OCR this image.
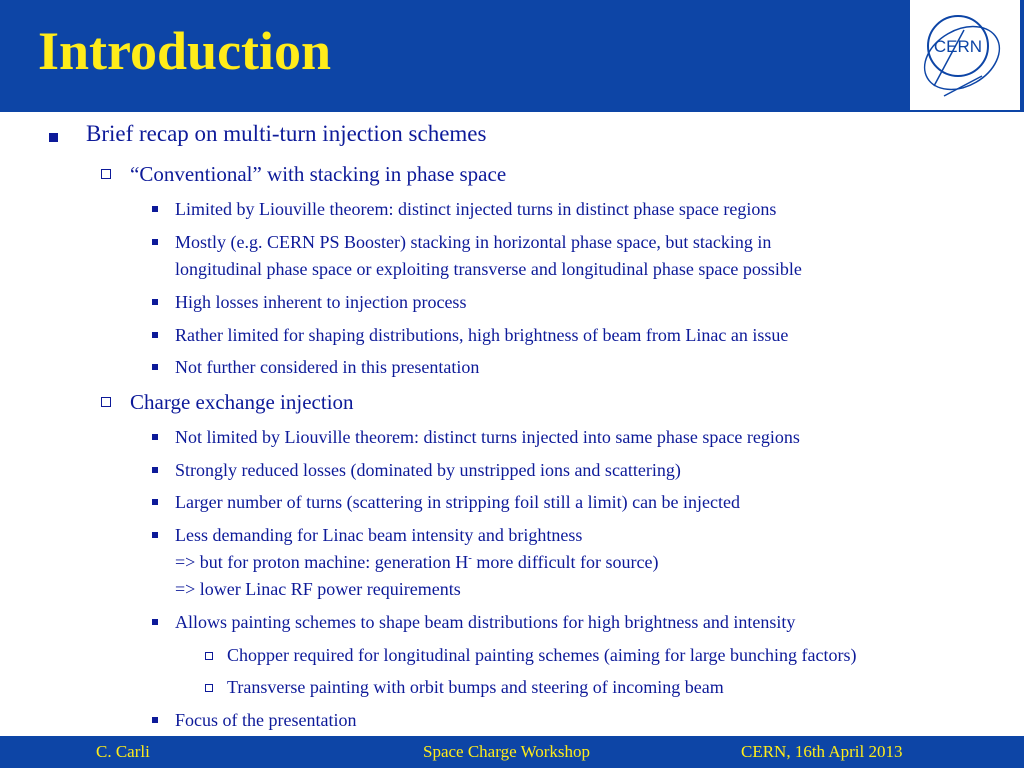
Introduction	CERN
Brief recap on multi-turn injection schemes
“Conventional” with stacking in phase space
Limited by Liouville theorem: distinct injected turns in distinct phase space regions
Mostly (e.g. CERN PS Booster) stacking in horizontal phase space, but stacking in
longitudinal phase space or exploiting transverse and longitudinal phase space possible
High losses inherent to injection process
Rather limited for shaping distributions, high brightness of beam from Linac an issue
Not further considered in this presentation
Charge exchange injection
Not limited by Liouville theorem: distinct turns injected into same phase space regions
Strongly reduced losses (dominated by unstripped ions and scattering)
Larger number of turns (scattering in stripping foil still a limit) can be injected
Less demanding for Linac beam intensity and brightness
=> but for proton machine: generation H- more difficult for source)
=> lower Linac RF power requirements
Allows painting schemes to shape beam distributions for high brightness and intensity
Chopper required for longitudinal painting schemes (aiming for large bunching factors)
Transverse painting with orbit bumps and steering of incoming beam
Focus of the presentation
C. Carli	Space Charge Workshop	CERN, 16th April 2013
